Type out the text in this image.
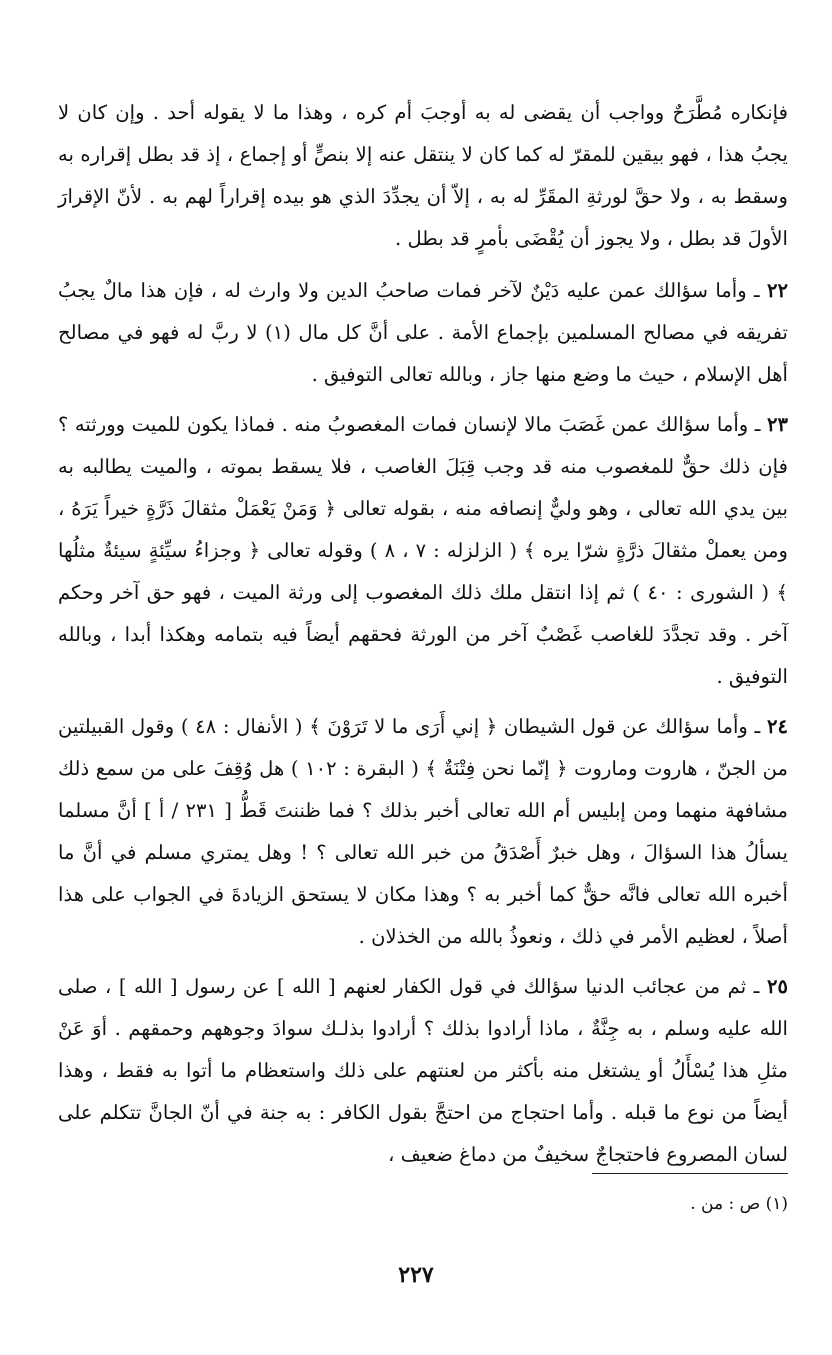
فإنكاره مُطَّرَحٌ وواجب أن يقضى له به أوجبَ أم كره ، وهذا ما لا يقوله أحد . وإن كان لا يجبُ هذا ، فهو بيقين للمقرّ له كما كان لا ينتقل عنه إلا بنصٍّ أو إجماع ، إذ قد بطل إقراره به وسقط به ، ولا حقَّ لورثةِ المقَرِّ له به ، إلاّ أن يجدِّدَ الذي هو بيده إقراراً لهم به . لأنّ الإقرارَ الأولَ قد بطل ، ولا يجوز أن يُقْضَى بأمرٍ قد بطل .

٢٢ ـ وأما سؤالك عمن عليه دَيْنٌ لآخر فمات صاحبُ الدين ولا وارث له ، فإن هذا مالٌ يجبُ تفريقه في مصالح المسلمين بإجماع الأمة . على أنَّ كل مال (١) لا ربَّ له فهو في مصالح أهل الإسلام ، حيث ما وضع منها جاز ، وبالله تعالى التوفيق .

٢٣ ـ وأما سؤالك عمن غَصَبَ مالا لإنسان فمات المغصوبُ منه . فماذا يكون للميت وورثته ؟ فإن ذلك حقٌّ للمغصوب منه قد وجب قِبَلَ الغاصب ، فلا يسقط بموته ، والميت يطالبه به بين يدي الله تعالى ، وهو وليٌّ إنصافه منه ، بقوله تعالى ﴿ وَمَنْ يَعْمَلْ مثقالَ ذَرَّةٍ خيراً يَرَهُ ، ومن يعملْ مثقالَ ذرَّةٍ شرّا يره ﴾ ( الزلزله : ٧ ، ٨ ) وقوله تعالى ﴿ وجزاءُ سيِّئةٍ سيئةٌ مثلُها ﴾ ( الشورى : ٤٠ ) ثم إذا انتقل ملك ذلك المغصوب إلى ورثة الميت ، فهو حق آخر وحكم آخر . وقد تجدَّدَ للغاصب غَصْبٌ آخر من الورثة فحقهم أيضاً فيه بتمامه وهكذا أبدا ، وبالله التوفيق .

٢٤ ـ وأما سؤالك عن قول الشيطان ﴿ إني أَرَى ما لا تَرَوْنَ ﴾ ( الأنفال : ٤٨ ) وقول القبيلتين من الجنّ ، هاروت وماروت ﴿ إنّما نحن فِتْنَةٌ ﴾ ( البقرة : ١٠٢ ) هل وُقِفَ على من سمع ذلك مشافهة منهما ومن إبليس أم الله تعالى أخبر بذلك ؟ فما ظننتَ قَطُّ [ ٢٣١ / أ ] أنَّ مسلما يسألُ هذا السؤالَ ، وهل خبرٌ أَصْدَقُ من خبر الله تعالى ؟ ! وهل يمتري مسلم في أنَّ ما أخبره الله تعالى فانَّه حقٌّ كما أخبر به ؟ وهذا مكان لا يستحق الزيادةَ في الجواب على هذا أصلاً ، لعظيم الأمر في ذلك ، ونعوذُ بالله من الخذلان .

٢٥ ـ ثم من عجائب الدنيا سؤالك في قول الكفار لعنهم [ الله ] عن رسول [ الله ] ، صلى الله عليه وسلم ، به جِنَّةٌ ، ماذا أرادوا بذلك ؟ أرادوا بذلـك سوادَ وجوههم وحمقهم . أوَ عَنْ مثلِ هذا يُسْأَلُ أو يشتغل منه بأكثر من لعنتهم على ذلك واستعظام ما أتوا به فقط ، وهذا أيضاً من نوع ما قبله . وأما احتجاج من احتجَّ بقول الكافر : به جنة في أنّ الجانَّ تتكلم على لسان المصروع فاحتجاجٌ سخيفٌ من دماغ ضعيف ،

(١) ص : من .
٢٢٧
